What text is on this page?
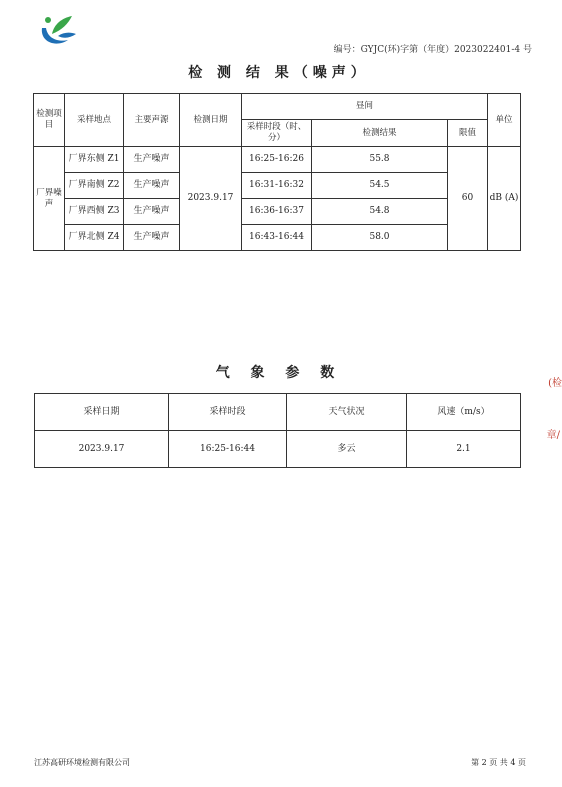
编号：GYJC(环)字第（年度）2023022401-4 号
检 测 结 果（噪声）
检测项目	采样地点	主要声源	检测日期	昼间			单位
				采样时段（时、分）	检测结果	限值	
厂界噪声	厂界东侧 Z1	生产噪声	2023.9.17	16:25-16:26	55.8	60	dB (A)
	厂界南侧 Z2	生产噪声		16:31-16:32	54.5		
	厂界西侧 Z3	生产噪声		16:36-16:37	54.8		
	厂界北侧 Z4	生产噪声		16:43-16:44	58.0		
气 象 参 数
采样日期	采样时段	天气状况	风速（m/s）
2023.9.17	16:25-16:44	多云	2.1
(检
章/
江苏高研环境检测有限公司	第 2 页 共 4 页
